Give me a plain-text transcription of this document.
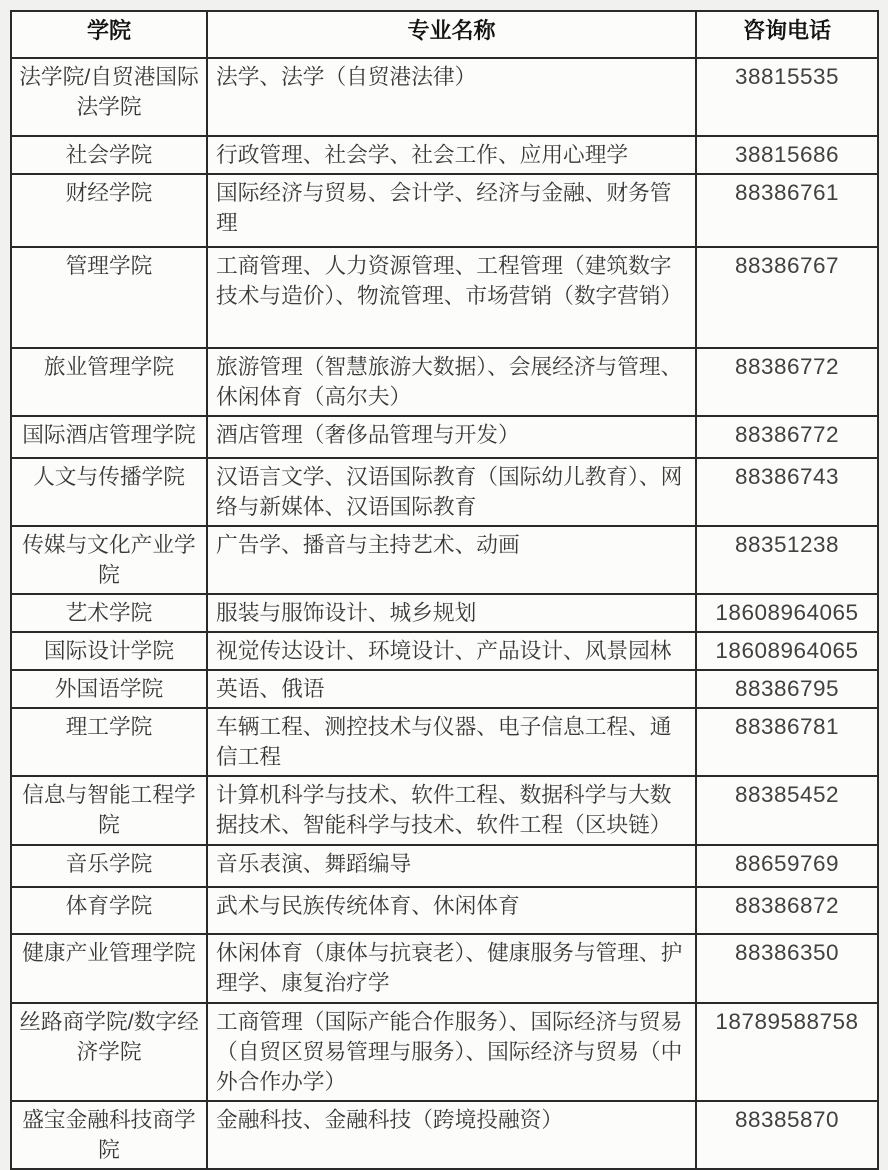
学院	专业名称	咨询电话
法学院/自贸港国际法学院	法学、法学（自贸港法律）	38815535
社会学院	行政管理、社会学、社会工作、应用心理学	38815686
财经学院	国际经济与贸易、会计学、经济与金融、财务管理	88386761
管理学院	工商管理、人力资源管理、工程管理（建筑数字技术与造价）、物流管理、市场营销（数字营销）	88386767
旅业管理学院	旅游管理（智慧旅游大数据）、会展经济与管理、休闲体育（高尔夫）	88386772
国际酒店管理学院	酒店管理（奢侈品管理与开发）	88386772
人文与传播学院	汉语言文学、汉语国际教育（国际幼儿教育）、网络与新媒体、汉语国际教育	88386743
传媒与文化产业学院	广告学、播音与主持艺术、动画	88351238
艺术学院	服装与服饰设计、城乡规划	18608964065
国际设计学院	视觉传达设计、环境设计、产品设计、风景园林	18608964065
外国语学院	英语、俄语	88386795
理工学院	车辆工程、测控技术与仪器、电子信息工程、通信工程	88386781
信息与智能工程学院	计算机科学与技术、软件工程、数据科学与大数据技术、智能科学与技术、软件工程（区块链）	88385452
音乐学院	音乐表演、舞蹈编导	88659769
体育学院	武术与民族传统体育、休闲体育	88386872
健康产业管理学院	休闲体育（康体与抗衰老）、健康服务与管理、护理学、康复治疗学	88386350
丝路商学院/数字经济学院	工商管理（国际产能合作服务）、国际经济与贸易（自贸区贸易管理与服务）、国际经济与贸易（中外合作办学）	18789588758
盛宝金融科技商学院	金融科技、金融科技（跨境投融资）	88385870
